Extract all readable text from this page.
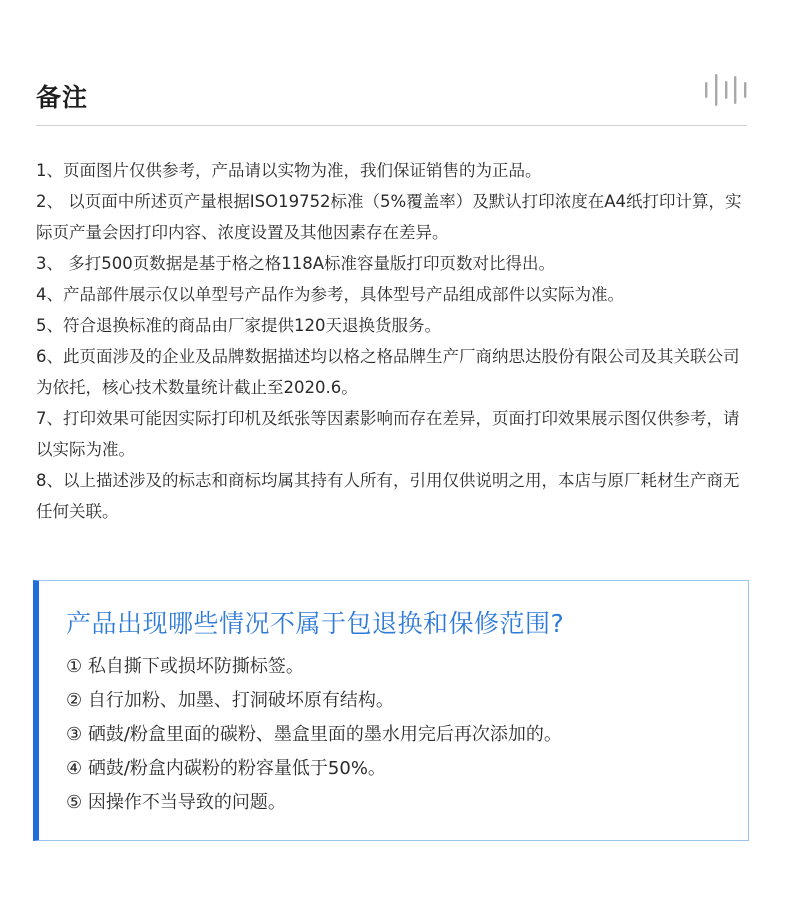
备注
1、页面图片仅供参考，产品请以实物为准，我们保证销售的为正品。
2、 以页面中所述页产量根据ISO19752标准（5%覆盖率）及默认打印浓度在A4纸打印计算，实际页产量会因打印内容、浓度设置及其他因素存在差异。
3、 多打500页数据是基于格之格118A标准容量版打印页数对比得出。
4、产品部件展示仅以单型号产品作为参考，具体型号产品组成部件以实际为准。
5、符合退换标准的商品由厂家提供120天退换货服务。
6、此页面涉及的企业及品牌数据描述均以格之格品牌生产厂商纳思达股份有限公司及其关联公司为依托，核心技术数量统计截止至2020.6。
7、打印效果可能因实际打印机及纸张等因素影响而存在差异，页面打印效果展示图仅供参考，请以实际为准。
8、以上描述涉及的标志和商标均属其持有人所有，引用仅供说明之用，本店与原厂耗材生产商无任何关联。
产品出现哪些情况不属于包退换和保修范围?
① 私自撕下或损坏防撕标签。
② 自行加粉、加墨、打洞破坏原有结构。
③ 硒鼓/粉盒里面的碳粉、墨盒里面的墨水用完后再次添加的。
④ 硒鼓/粉盒内碳粉的粉容量低于50%。
⑤ 因操作不当导致的问题。
